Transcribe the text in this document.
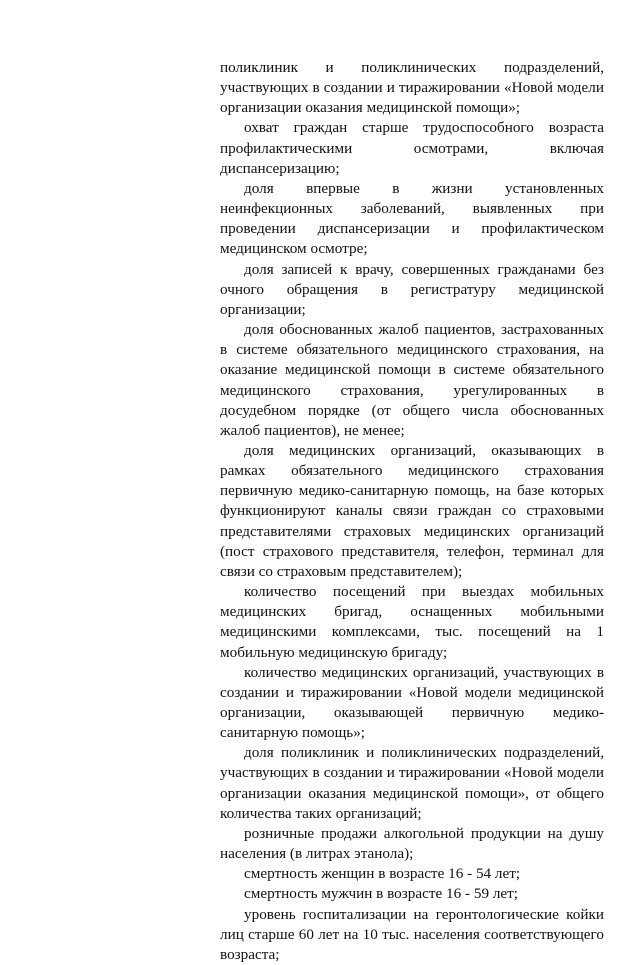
поликлиник и поликлинических подразделений, участвующих в создании и тиражировании «Новой модели организации оказания медицинской помощи»;

охват граждан старше трудоспособного возраста профилактическими осмотрами, включая диспансеризацию;

доля впервые в жизни установленных неинфекционных заболеваний, выявленных при проведении диспансеризации и профилактическом медицинском осмотре;

доля записей к врачу, совершенных гражданами без очного обращения в регистратуру медицинской организации;

доля обоснованных жалоб пациентов, застрахованных в системе обязательного медицинского страхования, на оказание медицинской помощи в системе обязательного медицинского страхования, урегулированных в досудебном порядке (от общего числа обоснованных жалоб пациентов), не менее;

доля медицинских организаций, оказывающих в рамках обязательного медицинского страхования первичную медико-санитарную помощь, на базе которых функционируют каналы связи граждан со страховыми представителями страховых медицинских организаций (пост страхового представителя, телефон, терминал для связи со страховым представителем);

количество посещений при выездах мобильных медицинских бригад, оснащенных мобильными медицинскими комплексами, тыс. посещений на 1 мобильную медицинскую бригаду;

количество медицинских организаций, участвующих в создании и тиражировании «Новой модели медицинской организации, оказывающей первичную медико-санитарную помощь»;

доля поликлиник и поликлинических подразделений, участвующих в создании и тиражировании «Новой модели организации оказания медицинской помощи», от общего количества таких организаций;

розничные продажи алкогольной продукции на душу населения (в литрах этанола);

смертность женщин в возрасте 16 - 54 лет;

смертность мужчин в возрасте 16 - 59 лет;

уровень госпитализации на геронтологические койки лиц старше 60 лет на 10 тыс. населения соответствующего возраста;
